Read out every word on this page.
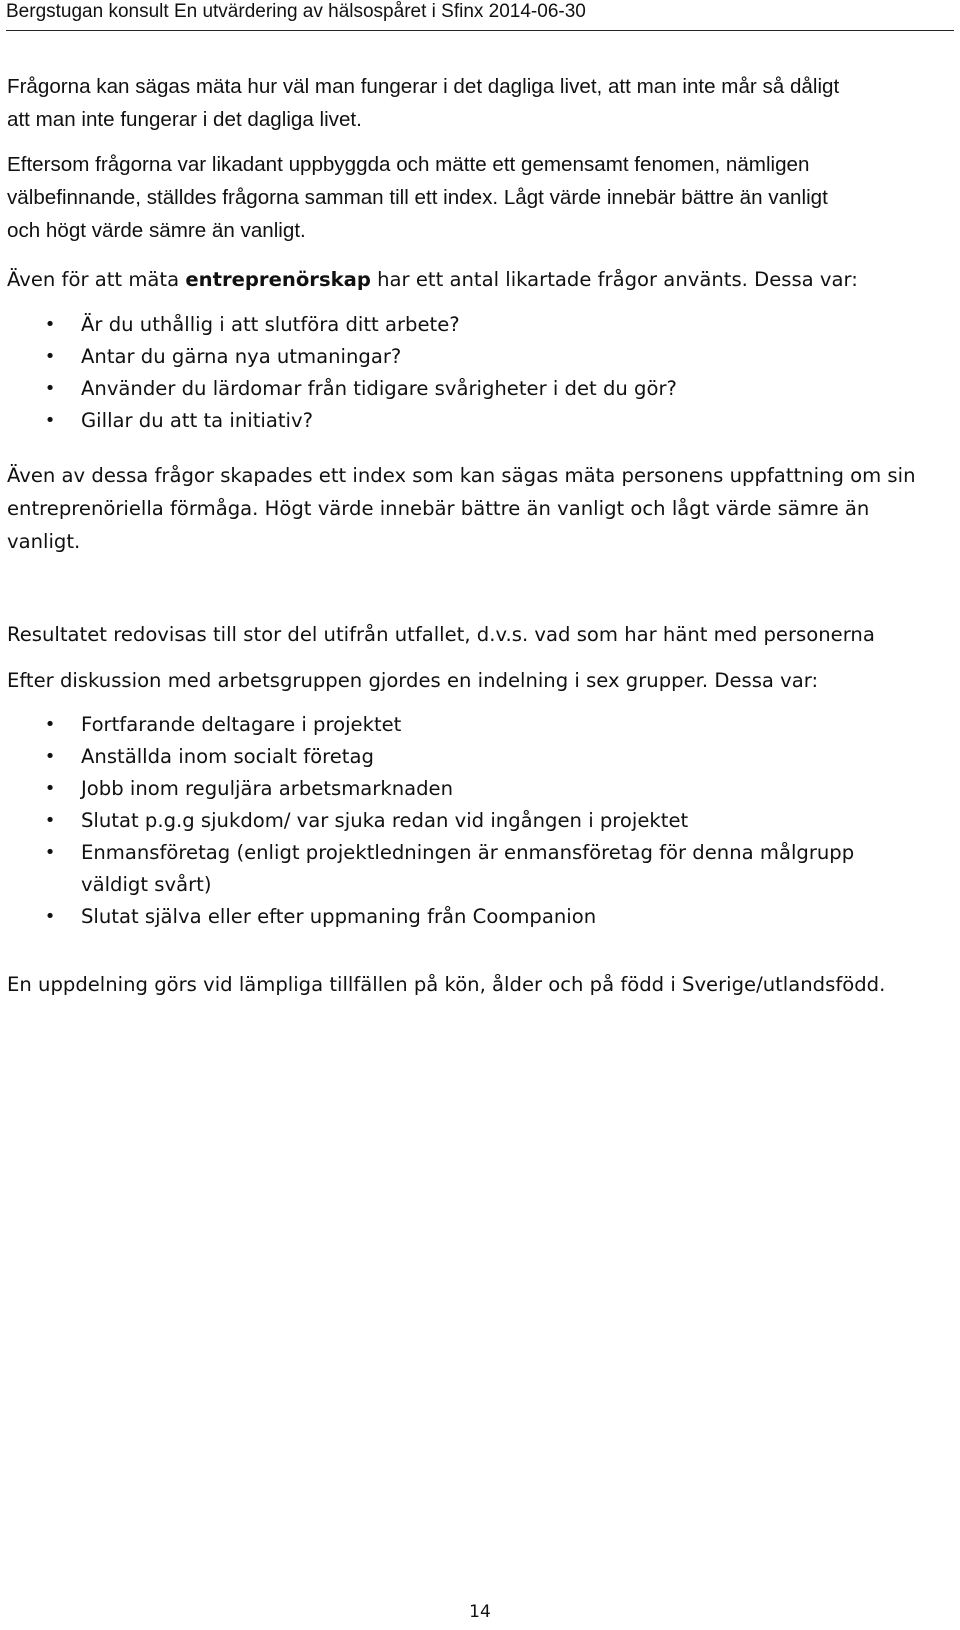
Bergstugan konsult En utvärdering av hälsospåret i Sfinx 2014-06-30

Frågorna kan sägas mäta hur väl man fungerar i det dagliga livet, att man inte mår så dåligt
att man inte fungerar i det dagliga livet.

Eftersom frågorna var likadant uppbyggda och mätte ett gemensamt fenomen, nämligen
välbefinnande, ställdes frågorna samman till ett index. Lågt värde innebär bättre än vanligt
och högt värde sämre än vanligt.

Även för att mäta entreprenörskap har ett antal likartade frågor använts. Dessa var:

• Är du uthållig i att slutföra ditt arbete?
• Antar du gärna nya utmaningar?
• Använder du lärdomar från tidigare svårigheter i det du gör?
• Gillar du att ta initiativ?

Även av dessa frågor skapades ett index som kan sägas mäta personens uppfattning om sin
entreprenöriella förmåga. Högt värde innebär bättre än vanligt och lågt värde sämre än
vanligt.

Resultatet redovisas till stor del utifrån utfallet, d.v.s. vad som har hänt med personerna

Efter diskussion med arbetsgruppen gjordes en indelning i sex grupper. Dessa var:

• Fortfarande deltagare i projektet
• Anställda inom socialt företag
• Jobb inom reguljära arbetsmarknaden
• Slutat p.g.g sjukdom/ var sjuka redan vid ingången i projektet
• Enmansföretag (enligt projektledningen är enmansföretag för denna målgrupp
väldigt svårt)
• Slutat själva eller efter uppmaning från Coompanion

En uppdelning görs vid lämpliga tillfällen på kön, ålder och på född i Sverige/utlandsfödd.

14
